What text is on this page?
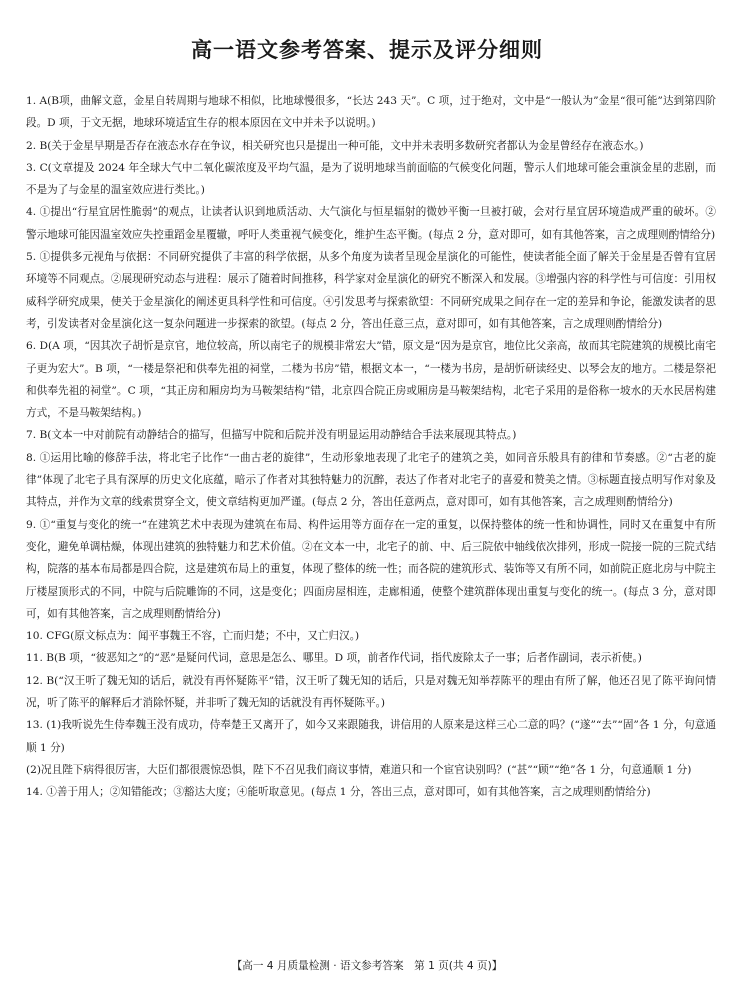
高一语文参考答案、提示及评分细则

1. A(B项，曲解文意，金星自转周期与地球不相似，比地球慢很多，“长达 243 天”。C 项，过于绝对，文中是“一般认为”金星“很可能”达到第四阶段。D 项，于文无据，地球环境适宜生存的根本原因在文中并未予以说明。)

2. B(关于金星早期是否存在液态水存在争议，相关研究也只是提出一种可能，文中并未表明多数研究者都认为金星曾经存在液态水。)

3. C(文章提及 2024 年全球大气中二氧化碳浓度及平均气温，是为了说明地球当前面临的气候变化问题，警示人们地球可能会重演金星的悲剧，而不是为了与金星的温室效应进行类比。)

4. ①提出“行星宜居性脆弱”的观点，让读者认识到地质活动、大气演化与恒星辐射的微妙平衡一旦被打破，会对行星宜居环境造成严重的破坏。②警示地球可能因温室效应失控重蹈金星覆辙，呼吁人类重视气候变化，维护生态平衡。(每点 2 分，意对即可，如有其他答案，言之成理则酌情给分)

5. ①提供多元视角与依据：不同研究提供了丰富的科学依据，从多个角度为读者呈现金星演化的可能性，使读者能全面了解关于金星是否曾有宜居环境等不同观点。②展现研究动态与进程：展示了随着时间推移，科学家对金星演化的研究不断深入和发展。③增强内容的科学性与可信度：引用权威科学研究成果，使关于金星演化的阐述更具科学性和可信度。④引发思考与探索欲望：不同研究成果之间存在一定的差异和争论，能激发读者的思考，引发读者对金星演化这一复杂问题进一步探索的欲望。(每点 2 分，答出任意三点，意对即可，如有其他答案，言之成理则酌情给分)

6. D(A 项，“因其次子胡忻是京官，地位较高，所以南宅子的规模非常宏大”错，原文是“因为是京官，地位比父亲高，故而其宅院建筑的规模比南宅子更为宏大”。B 项，“一楼是祭祀和供奉先祖的祠堂，二楼为书房”错，根据文本一，“一楼为书房，是胡忻研读经史、以琴会友的地方。二楼是祭祀和供奉先祖的祠堂”。C 项，“其正房和厢房均为马鞍架结构”错，北京四合院正房或厢房是马鞍架结构，北宅子采用的是俗称一坡水的天水民居构建方式，不是马鞍架结构。)

7. B(文本一中对前院有动静结合的描写，但描写中院和后院并没有明显运用动静结合手法来展现其特点。)

8. ①运用比喻的修辞手法，将北宅子比作“一曲古老的旋律”，生动形象地表现了北宅子的建筑之美，如同音乐般具有韵律和节奏感。②“古老的旋律”体现了北宅子具有深厚的历史文化底蕴，暗示了作者对其独特魅力的沉醉，表达了作者对北宅子的喜爱和赞美之情。③标题直接点明写作对象及其特点，并作为文章的线索贯穿全文，使文章结构更加严谨。(每点 2 分，答出任意两点，意对即可，如有其他答案，言之成理则酌情给分)

9. ①“重复与变化的统一”在建筑艺术中表现为建筑在布局、构件运用等方面存在一定的重复，以保持整体的统一性和协调性，同时又在重复中有所变化，避免单调枯燥，体现出建筑的独特魅力和艺术价值。②在文本一中，北宅子的前、中、后三院依中轴线依次排列，形成一院接一院的三院式结构，院落的基本布局都是四合院，这是建筑布局上的重复，体现了整体的统一性；而各院的建筑形式、装饰等又有所不同，如前院正庭北房与中院主厅楼屋顶形式的不同，中院与后院雕饰的不同，这是变化；四面房屋相连，走廊相通，使整个建筑群体现出重复与变化的统一。(每点 3 分，意对即可，如有其他答案，言之成理则酌情给分)

10. CFG(原文标点为：闻平事魏王不容，亡而归楚；不中，又亡归汉。)

11. B(B 项，“彼恶知之”的“恶”是疑问代词，意思是怎么、哪里。D 项，前者作代词，指代废除太子一事；后者作副词，表示祈使。)

12. B(“汉王听了魏无知的话后，就没有再怀疑陈平”错，汉王听了魏无知的话后，只是对魏无知举荐陈平的理由有所了解，他还召见了陈平询问情况，听了陈平的解释后才消除怀疑，并非听了魏无知的话就没有再怀疑陈平。)

13. (1)我听说先生侍奉魏王没有成功，侍奉楚王又离开了，如今又来跟随我，讲信用的人原来是这样三心二意的吗？(“遂”“去”“固”各 1 分，句意通顺 1 分)

(2)况且陛下病得很厉害，大臣们都很震惊恐惧，陛下不召见我们商议事情，难道只和一个宦官诀别吗？(“甚”“顾”“绝”各 1 分，句意通顺 1 分)

14. ①善于用人；②知错能改；③豁达大度；④能听取意见。(每点 1 分，答出三点，意对即可，如有其他答案，言之成理则酌情给分)

【高一 4 月质量检测 · 语文参考答案　第 1 页(共 4 页)】
